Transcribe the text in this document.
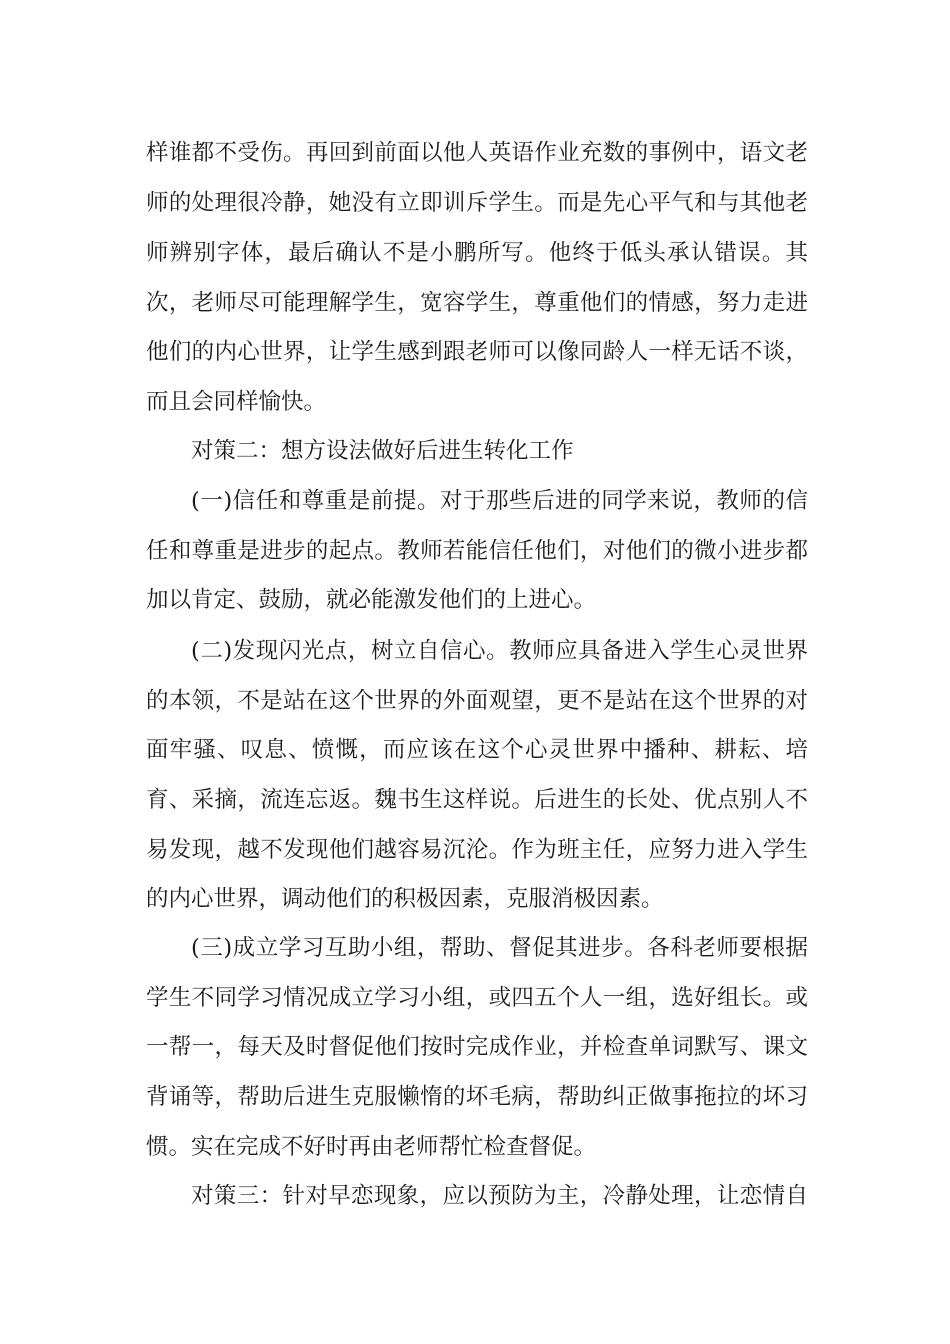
样谁都不受伤。再回到前面以他人英语作业充数的事例中，语文老
师的处理很冷静，她没有立即训斥学生。而是先心平气和与其他老
师辨别字体，最后确认不是小鹏所写。他终于低头承认错误。其
次，老师尽可能理解学生，宽容学生，尊重他们的情感，努力走进
他们的内心世界，让学生感到跟老师可以像同龄人一样无话不谈，
而且会同样愉快。
对策二：想方设法做好后进生转化工作
(一)信任和尊重是前提。对于那些后进的同学来说，教师的信
任和尊重是进步的起点。教师若能信任他们，对他们的微小进步都
加以肯定、鼓励，就必能激发他们的上进心。
(二)发现闪光点，树立自信心。教师应具备进入学生心灵世界
的本领，不是站在这个世界的外面观望，更不是站在这个世界的对
面牢骚、叹息、愤慨，而应该在这个心灵世界中播种、耕耘、培
育、采摘，流连忘返。魏书生这样说。后进生的长处、优点别人不
易发现，越不发现他们越容易沉沦。作为班主任，应努力进入学生
的内心世界，调动他们的积极因素，克服消极因素。
(三)成立学习互助小组，帮助、督促其进步。各科老师要根据
学生不同学习情况成立学习小组，或四五个人一组，选好组长。或
一帮一，每天及时督促他们按时完成作业，并检查单词默写、课文
背诵等，帮助后进生克服懒惰的坏毛病，帮助纠正做事拖拉的坏习
惯。实在完成不好时再由老师帮忙检查督促。
对策三：针对早恋现象，应以预防为主，冷静处理，让恋情自
